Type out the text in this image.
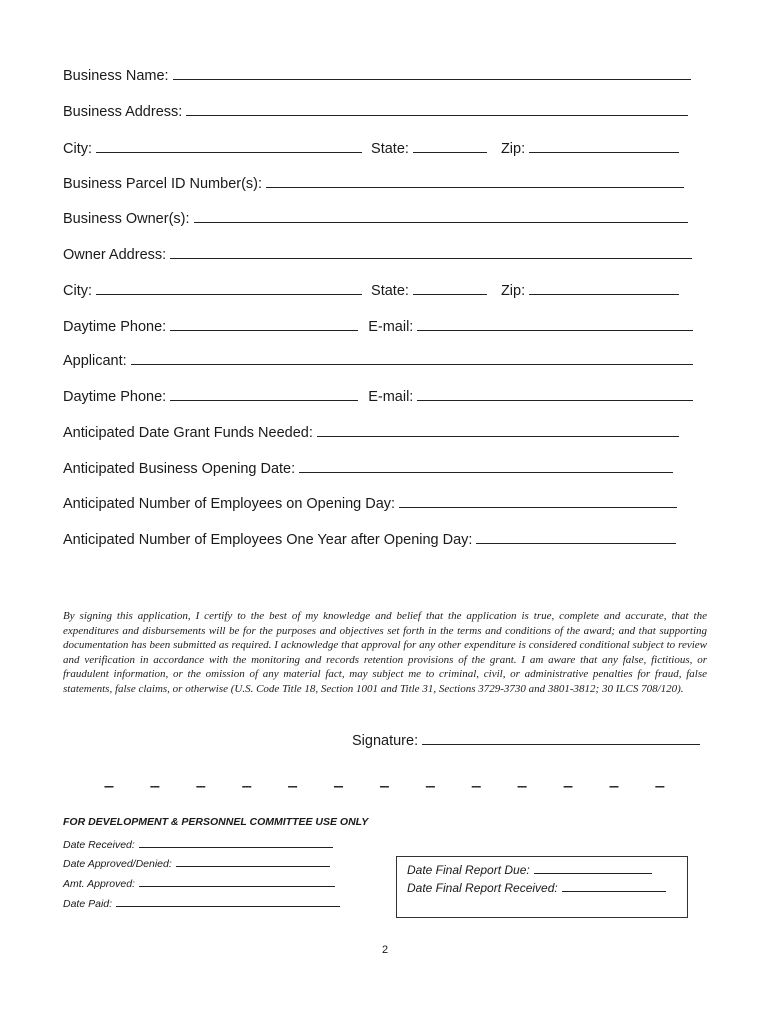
Business Name:
Business Address:
City:	State:	Zip:
Business Parcel ID Number(s):
Business Owner(s):
Owner Address:
City:	State:	Zip:
Daytime Phone:	E-mail:
Applicant:
Daytime Phone:	E-mail:
Anticipated Date Grant Funds Needed:
Anticipated Business Opening Date:
Anticipated Number of Employees on Opening Day:
Anticipated Number of Employees One Year after Opening Day:
By signing this application, I certify to the best of my knowledge and belief that the application is true, complete and accurate, that the expenditures and disbursements will be for the purposes and objectives set forth in the terms and conditions of the award; and that supporting documentation has been submitted as required. I acknowledge that approval for any other expenditure is considered conditional subject to review and verification in accordance with the monitoring and records retention provisions of the grant. I am aware that any false, fictitious, or fraudulent information, or the omission of any material fact, may subject me to criminal, civil, or administrative penalties for fraud, false statements, false claims, or otherwise (U.S. Code Title 18, Section 1001 and Title 31, Sections 3729-3730 and 3801-3812; 30 ILCS 708/120).
Signature:
---	---	---	---	---	---	---	---	---	---	---	---	---
FOR DEVELOPMENT & PERSONNEL COMMITTEE USE ONLY
Date Received:
Date Approved/Denied:
Amt. Approved:
Date Paid:
Date Final Report Due:
Date Final Report Received:
2
